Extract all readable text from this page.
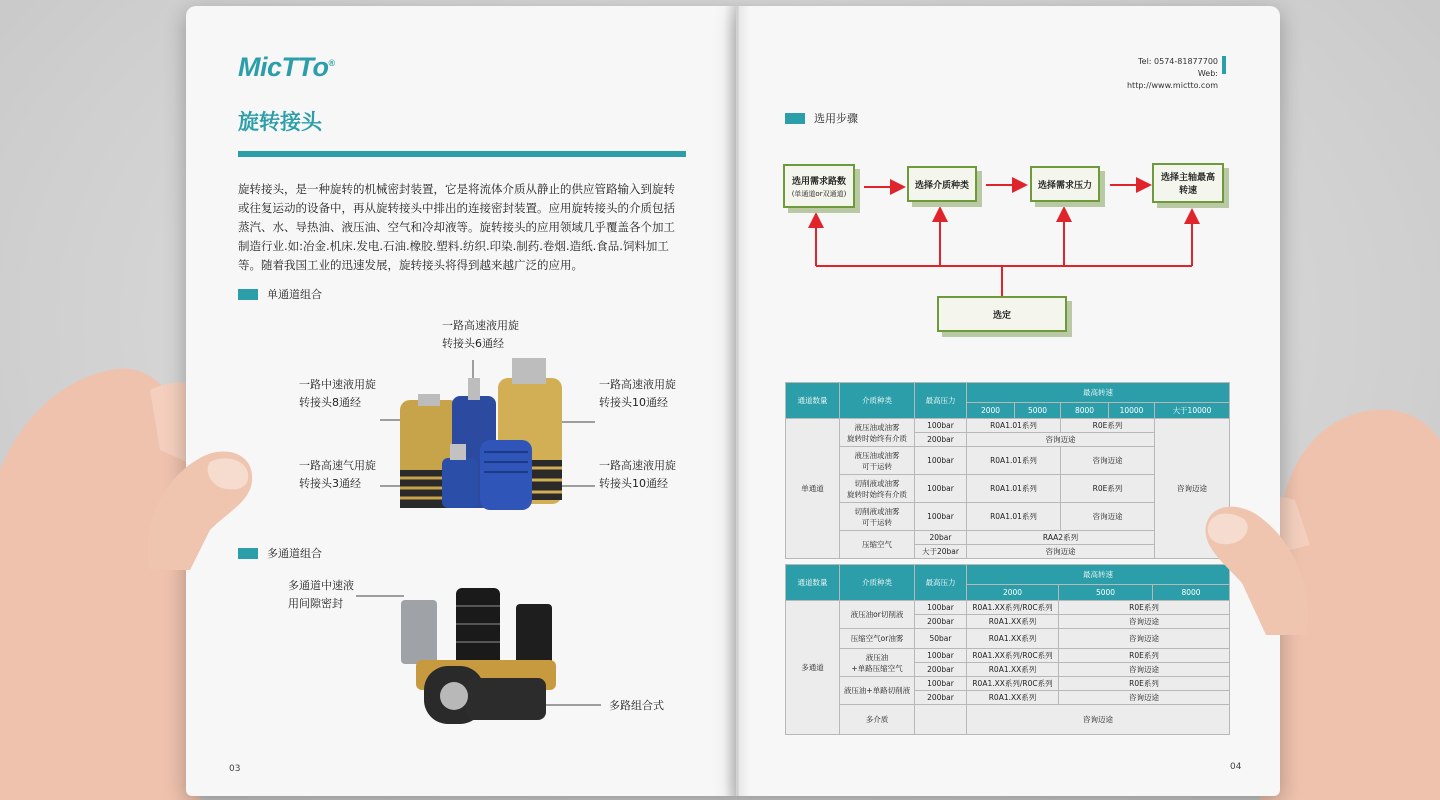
MicTTo®
旋转接头
旋转接头，是一种旋转的机械密封装置，它是将流体介质从静止的供应管路输入到旋转或往复运动的设备中，再从旋转接头中排出的连接密封装置。应用旋转接头的介质包括蒸汽、水、导热油、液压油、空气和冷却液等。旋转接头的应用领域几乎覆盖各个加工制造行业.如:冶金.机床.发电.石油.橡胶.塑料.纺织.印染.制药.卷烟.造纸.食品.饲料加工等。随着我国工业的迅速发展，旋转接头将得到越来越广泛的应用。
单通道组合
一路高速液用旋
转接头6通经
一路中速液用旋
转接头8通经
一路高速液用旋
转接头10通经
一路高速气用旋
转接头3通经
一路高速液用旋
转接头10通经
多通道组合
多通道中速液
用间隙密封
多路组合式
03
Tel: 0574-81877700
Web: http://www.mictto.com
选用步骤
选用需求路数
(单通道or双通道)
选择介质种类	选择需求压力
选择主轴最高
转速
选定
通道数量	介质种类	最高压力	最高转速				
			2000	5000	8000	10000	大于10000
单通道	液压油或油雾
旋转时始终有介质	100bar	R0A1.01系列		R0E系列		咨询迈途
		200bar	咨询迈途				

	液压油或油雾
可干运转	100bar	R0A1.01系列		咨询迈途		

	切削液或油雾
旋转时始终有介质	100bar	R0A1.01系列		R0E系列		

	切削液或油雾
可干运转	100bar	R0A1.01系列		咨询迈途		
	压缩空气	20bar	RAA2系列				
		大于20bar	咨询迈途				
通道数量	介质种类	最高压力	最高转速		
			2000	5000	8000
多通道	液压油or切削液	100bar	R0A1.XX系列/R0C系列	R0E系列	
		200bar	R0A1.XX系列	咨询迈途	
	压缩空气or油雾	50bar	R0A1.XX系列	咨询迈途	

	液压油
+单路压缩空气	100bar	R0A1.XX系列/R0C系列	R0E系列	
		200bar	R0A1.XX系列	咨询迈途	
	液压油+单路切削液	100bar	R0A1.XX系列/R0C系列	R0E系列	
		200bar	R0A1.XX系列	咨询迈途	
	多介质		咨询迈途		
04
